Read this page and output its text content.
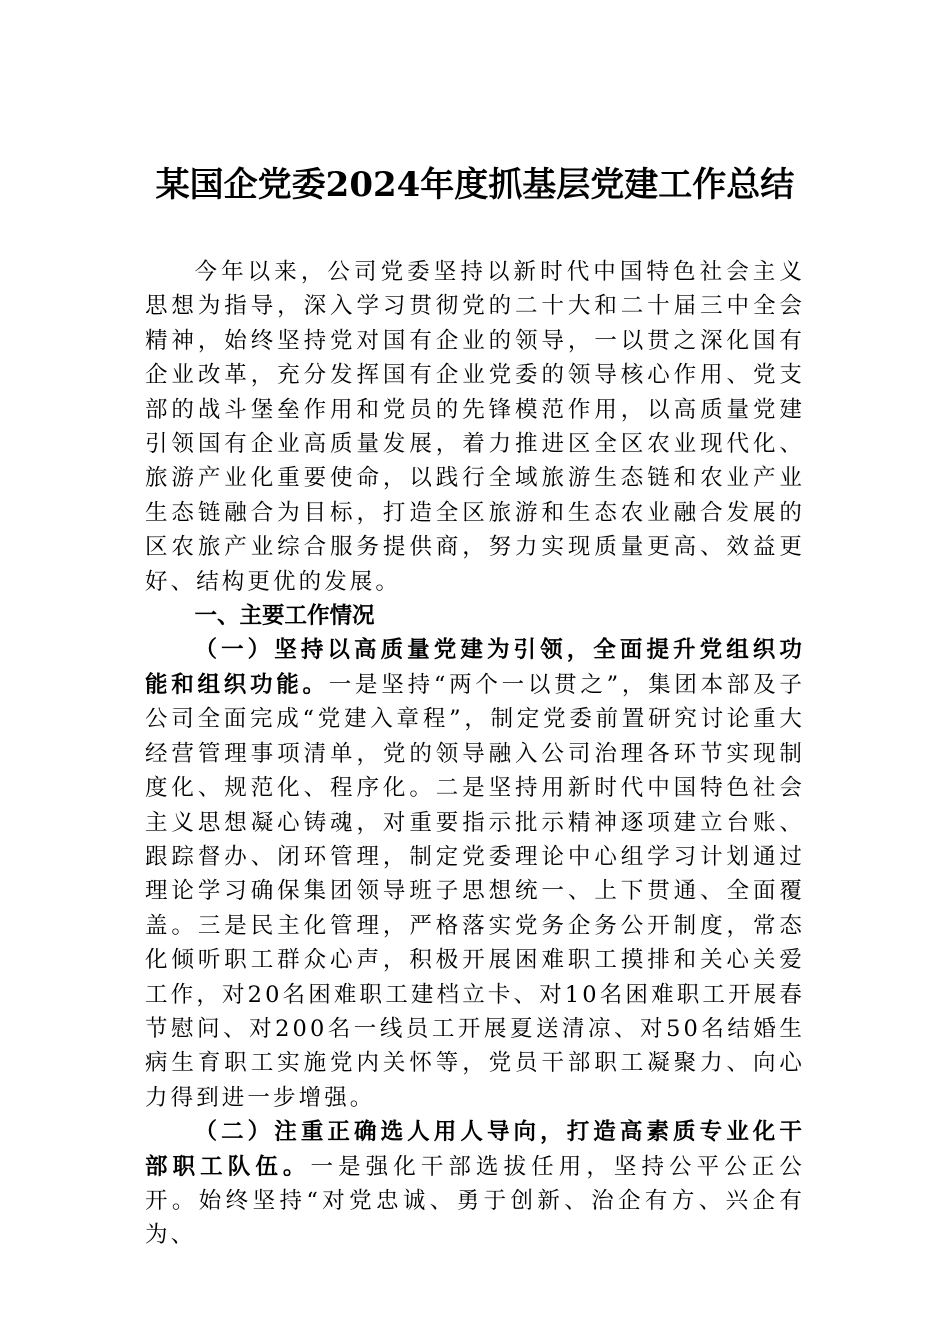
某国企党委2024年度抓基层党建工作总结

今年以来，公司党委坚持以新时代中国特色社会主义思想为指导，深入学习贯彻党的二十大和二十届三中全会精神，始终坚持党对国有企业的领导，一以贯之深化国有企业改革，充分发挥国有企业党委的领导核心作用、党支部的战斗堡垒作用和党员的先锋模范作用，以高质量党建引领国有企业高质量发展，着力推进区全区农业现代化、旅游产业化重要使命，以践行全域旅游生态链和农业产业生态链融合为目标，打造全区旅游和生态农业融合发展的区农旅产业综合服务提供商，努力实现质量更高、效益更好、结构更优的发展。

一、主要工作情况

（一）坚持以高质量党建为引领，全面提升党组织功能和组织功能。一是坚持“两个一以贯之”，集团本部及子公司全面完成“党建入章程”，制定党委前置研究讨论重大经营管理事项清单，党的领导融入公司治理各环节实现制度化、规范化、程序化。二是坚持用新时代中国特色社会主义思想凝心铸魂，对重要指示批示精神逐项建立台账、跟踪督办、闭环管理，制定党委理论中心组学习计划通过理论学习确保集团领导班子思想统一、上下贯通、全面覆盖。三是民主化管理，严格落实党务企务公开制度，常态化倾听职工群众心声，积极开展困难职工摸排和关心关爱工作，对20名困难职工建档立卡、对10名困难职工开展春节慰问、对200名一线员工开展夏送清凉、对50名结婚生病生育职工实施党内关怀等，党员干部职工凝聚力、向心力得到进一步增强。

（二）注重正确选人用人导向，打造高素质专业化干部职工队伍。一是强化干部选拔任用，坚持公平公正公开。始终坚持“对党忠诚、勇于创新、治企有方、兴企有为、
